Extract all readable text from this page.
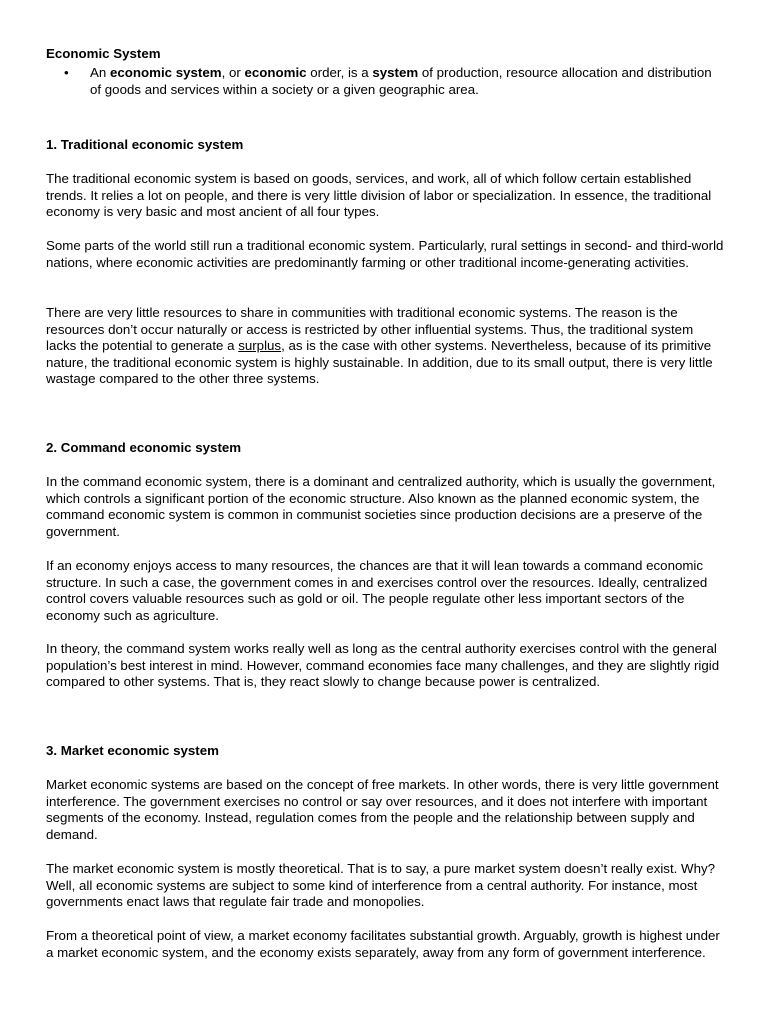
Economic System
• An economic system, or economic order, is a system of production, resource allocation and distribution of goods and services within a society or a given geographic area.
1. Traditional economic system

The traditional economic system is based on goods, services, and work, all of which follow certain established trends. It relies a lot on people, and there is very little division of labor or specialization. In essence, the traditional economy is very basic and most ancient of all four types.

Some parts of the world still run a traditional economic system. Particularly, rural settings in second- and third-world nations, where economic activities are predominantly farming or other traditional income-generating activities.

There are very little resources to share in communities with traditional economic systems. The reason is the resources don’t occur naturally or access is restricted by other influential systems. Thus, the traditional system lacks the potential to generate a surplus, as is the case with other systems. Nevertheless, because of its primitive nature, the traditional economic system is highly sustainable. In addition, due to its small output, there is very little wastage compared to the other three systems.

2. Command economic system

In the command economic system, there is a dominant and centralized authority, which is usually the government, which controls a significant portion of the economic structure. Also known as the planned economic system, the command economic system is common in communist societies since production decisions are a preserve of the government.

If an economy enjoys access to many resources, the chances are that it will lean towards a command economic structure. In such a case, the government comes in and exercises control over the resources. Ideally, centralized control covers valuable resources such as gold or oil. The people regulate other less important sectors of the economy such as agriculture.

In theory, the command system works really well as long as the central authority exercises control with the general population’s best interest in mind. However, command economies face many challenges, and they are slightly rigid compared to other systems. That is, they react slowly to change because power is centralized.

3. Market economic system

Market economic systems are based on the concept of free markets. In other words, there is very little government interference. The government exercises no control or say over resources, and it does not interfere with important segments of the economy. Instead, regulation comes from the people and the relationship between supply and demand.

The market economic system is mostly theoretical. That is to say, a pure market system doesn’t really exist. Why? Well, all economic systems are subject to some kind of interference from a central authority. For instance, most governments enact laws that regulate fair trade and monopolies.

From a theoretical point of view, a market economy facilitates substantial growth. Arguably, growth is highest under a market economic system, and the economy exists separately, away from any form of government interference.
